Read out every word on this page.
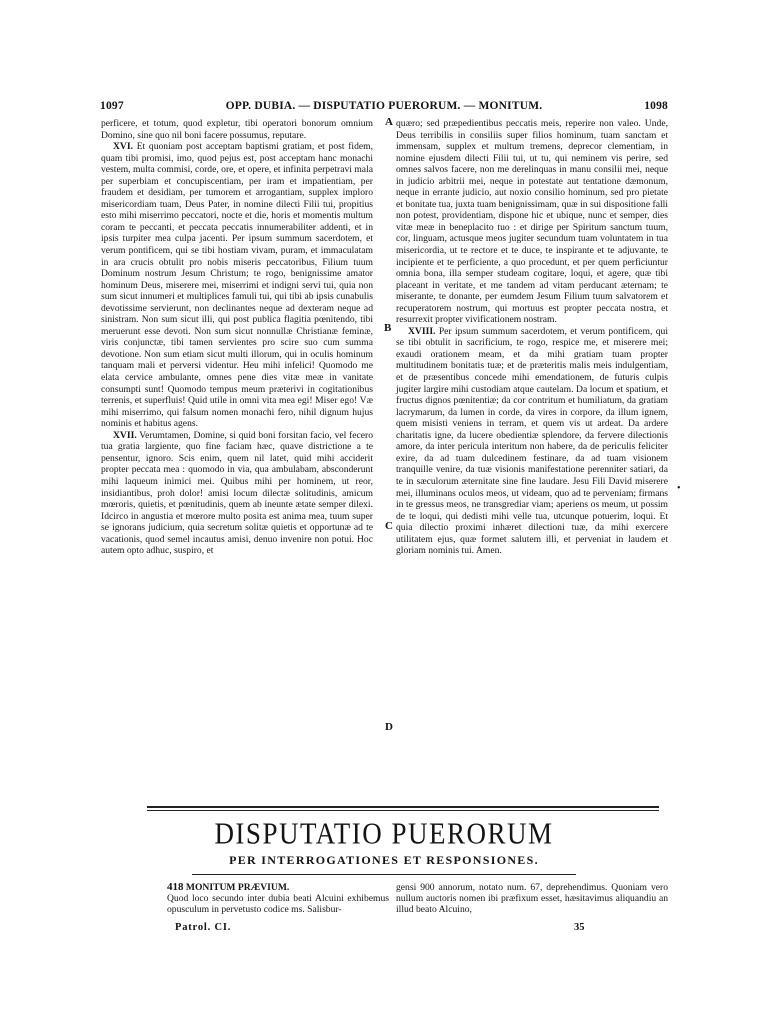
1097	OPP. DUBIA. — DISPUTATIO PUERORUM. — MONITUM.	1098

perficere, et totum, quod expletur, tibi operatori bonorum omnium Domino, sine quo nil boni facere possumus, reputare.

XVI. Et quoniam post acceptam baptismi gratiam, et post fidem, quam tibi promisi, imo, quod pejus est, post acceptam hanc monachi vestem, multa commisi, corde, ore, et opere, et infinita perpetravi mala per superbiam et concupiscentiam, per iram et impatientiam, per fraudem et desidiam, per tumorem et arrogantiam, supplex imploro misericordiam tuam, Deus Pater, in nomine dilecti Filii tui, propitius esto mihi miserrimo peccatori, nocte et die, horis et momentis multum coram te peccanti, et peccata peccatis innumerabiliter addenti, et in ipsis turpiter mea culpa jacenti. Per ipsum summum sacerdotem, et verum pontificem, qui se tibi hostiam vivam, puram, et immaculatam in ara crucis obtulit pro nobis miseris peccatoribus, Filium tuum Dominum nostrum Jesum Christum; te rogo, benignissime amator hominum Deus, miserere mei, miserrimi et indigni servi tui, quia non sum sicut innumeri et multiplices famuli tui, qui tibi ab ipsis cunabulis devotissime servierunt, non declinantes neque ad dexteram neque ad sinistram. Non sum sicut illi, qui post publica flagitia pœnitendo, tibi meruerunt esse devoti. Non sum sicut nonnullæ Christianæ feminæ, viris conjunctæ, tibi tamen servientes pro scire suo cum summa devotione. Non sum etiam sicut multi illorum, qui in oculis hominum tanquam mali et perversi videntur. Heu mihi infelici! Quomodo me elata cervice ambulante, omnes pene dies vitæ meæ in vanitate consumpti sunt! Quomodo tempus meum præterivi in cogitationibus terrenis, et superfluis! Quid utile in omni vita mea egi! Miser ego! Væ mihi miserrimo, qui falsum nomen monachi fero, nihil dignum hujus nominis et habitus agens.

XVII. Verumtamen, Domine, si quid boni forsitan facio, vel fecero tua gratia largiente, quo fine faciam hæc, quave districtione a te pensentur, ignoro. Scis enim, quem nil latet, quid mihi acciderit propter peccata mea : quomodo in via, qua ambulabam, absconderunt mihi laqueum inimici mei. Quibus mihi per hominem, ut reor, insidiantibus, proh dolor! amisi locum dilectæ solitudinis, amicum mœroris, quietis, et pœnitudinis, quem ab ineunte ætate semper dilexi. Idcirco in angustia et mœrore multo posita est anima mea, tuum super se ignorans judicium, quia secretum solitæ quietis et opportunæ ad te vacationis, quod semel incautus amisi, denuo invenire non potui. Hoc autem opto adhuc, suspiro, et

quæro; sed præpedientibus peccatis meis, reperire non valeo. Unde, Deus terribilis in consiliis super filios hominum, tuam sanctam et immensam, supplex et multum tremens, deprecor clementiam, in nomine ejusdem dilecti Filii tui, ut tu, qui neminem vis perire, sed omnes salvos facere, non me derelinquas in manu consilii mei, neque in judicio arbitrii mei, neque in potestate aut tentatione dæmonum, neque in errante judicio, aut noxio consilio hominum, sed pro pietate et bonitate tua, juxta tuam benignissimam, quæ in sui dispositione falli non potest, providentiam, dispone hic et ubique, nunc et semper, dies vitæ meæ in beneplacito tuo : et dirige per Spiritum sanctum tuum, cor, linguam, actusque meos jugiter secundum tuam voluntatem in tua misericordia, ut te rectore et te duce, te inspirante et te adjuvante, te incipiente et te perficiente, a quo procedunt, et per quem perficiuntur omnia bona, illa semper studeam cogitare, loqui, et agere, quæ tibi placeant in veritate, et me tandem ad vitam perducant æternam; te miserante, te donante, per eumdem Jesum Filium tuum salvatorem et recuperatorem nostrum, qui mortuus est propter peccata nostra, et resurrexit propter vivificationem nostram.

XVIII. Per ipsum summum sacerdotem, et verum pontificem, qui se tibi obtulit in sacrificium, te rogo, respice me, et miserere mei; exaudi orationem meam, et da mihi gratiam tuam propter multitudinem bonitatis tuæ; et de præteritis malis meis indulgentiam, et de præsentibus concede mihi emendationem, de futuris culpis jugiter largire mihi custodiam atque cautelam. Da locum et spatium, et fructus dignos pœnitentiæ; da cor contritum et humiliatum, da gratiam lacrymarum, da lumen in corde, da vires in corpore, da illum ignem, quem misisti veniens in terram, et quem vis ut ardeat. Da ardere charitatis igne, da lucere obedientiæ splendore, da fervere dilectionis amore, da inter pericula interitum non habere, da de periculis feliciter exire, da ad tuam dulcedinem festinare, da ad tuam visionem tranquille venire, da tuæ visionis manifestatione perenniter satiari, da te in sæculorum æternitate sine fine laudare. Jesu Fili David miserere mei, illuminans oculos meos, ut videam, quo ad te perveniam; firmans in te gressus meos, ne transgrediar viam; aperiens os meum, ut possim de te loqui, qui dedisti mihi velle tua, utcunque potuerim, loqui. Et quia dilectio proximi inhæret dilectioni tuæ, da mihi exercere utilitatem ejus, quæ formet salutem illi, et perveniat in laudem et gloriam nominis tui. Amen.

A
B
C
D
•
DISPUTATIO PUERORUM
PER INTERROGATIONES ET RESPONSIONES.
418 MONITUM PRÆVIUM.
Quod loco secundo inter dubia beati Alcuini exhibemus opusculum in pervetusto codice ms. Salisbur-
gensi 900 annorum, notato num. 67, deprehendimus. Quoniam vero nullum auctoris nomen ibi præfixum esset, hæsitavimus aliquandiu an illud beato Alcuino,
Patrol. CI.	35
